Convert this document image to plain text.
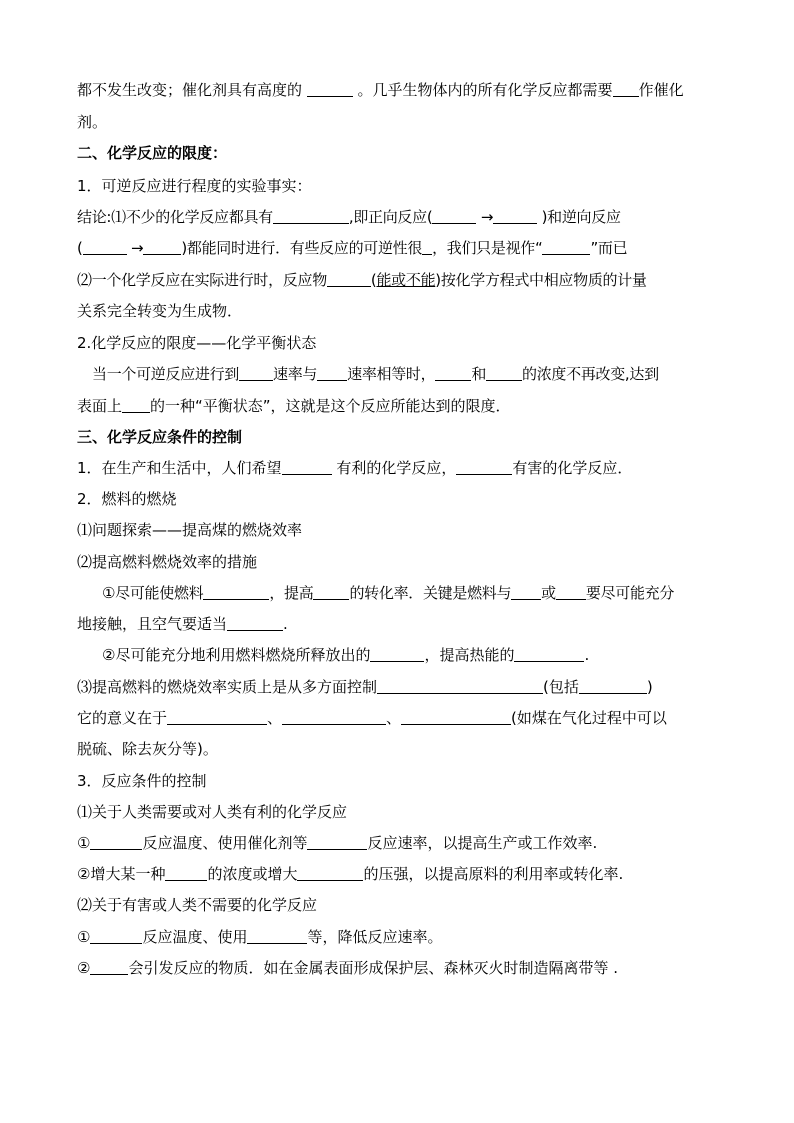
都不发生改变；催化剂具有高度的	。几乎生物体内的所有化学反应都需要 作催化
剂。
二、化学反应的限度：
1．可逆反应进行程度的实验事实：
结论:⑴不少的化学反应都具有	,即正向反应(	→	)和逆向反应
(	→	)都能同时进行．有些反应的可逆性很 ，我们只是视作“	”而已
⑵一个化学反应在实际进行时，反应物	(能或不能)按化学方程式中相应物质的计量
关系完全转变为生成物．
2.化学反应的限度——化学平衡状态
当一个可逆反应进行到 速率与 速率相等时， 和 的浓度不再改变,达到
表面上 的一种“平衡状态”，这就是这个反应所能达到的限度．
三、化学反应条件的控制
1．在生产和生活中，人们希望	有利的化学反应，	有害的化学反应．
2．燃料的燃烧
⑴问题探索——提高煤的燃烧效率
⑵提高燃料燃烧效率的措施
①尽可能使燃料	，提高 的转化率．关键是燃料与 或 要尽可能充分
地接触，且空气要适当	.
②尽可能充分地利用燃料燃烧所释放出的	，提高热能的	.
⑶提高燃料的燃烧效率实质上是从多方面控制	(包括	)
它的意义在于	、	、	(如煤在气化过程中可以
脱硫、除去灰分等)。
3．反应条件的控制
⑴关于人类需要或对人类有利的化学反应
①	反应温度、使用催化剂等	反应速率，以提高生产或工作效率.
②增大某一种	的浓度或增大	的压强，以提高原料的利用率或转化率.
⑵关于有害或人类不需要的化学反应
①	反应温度、使用	等，降低反应速率。
②	会引发反应的物质．如在金属表面形成保护层、森林灭火时制造隔离带等 .
